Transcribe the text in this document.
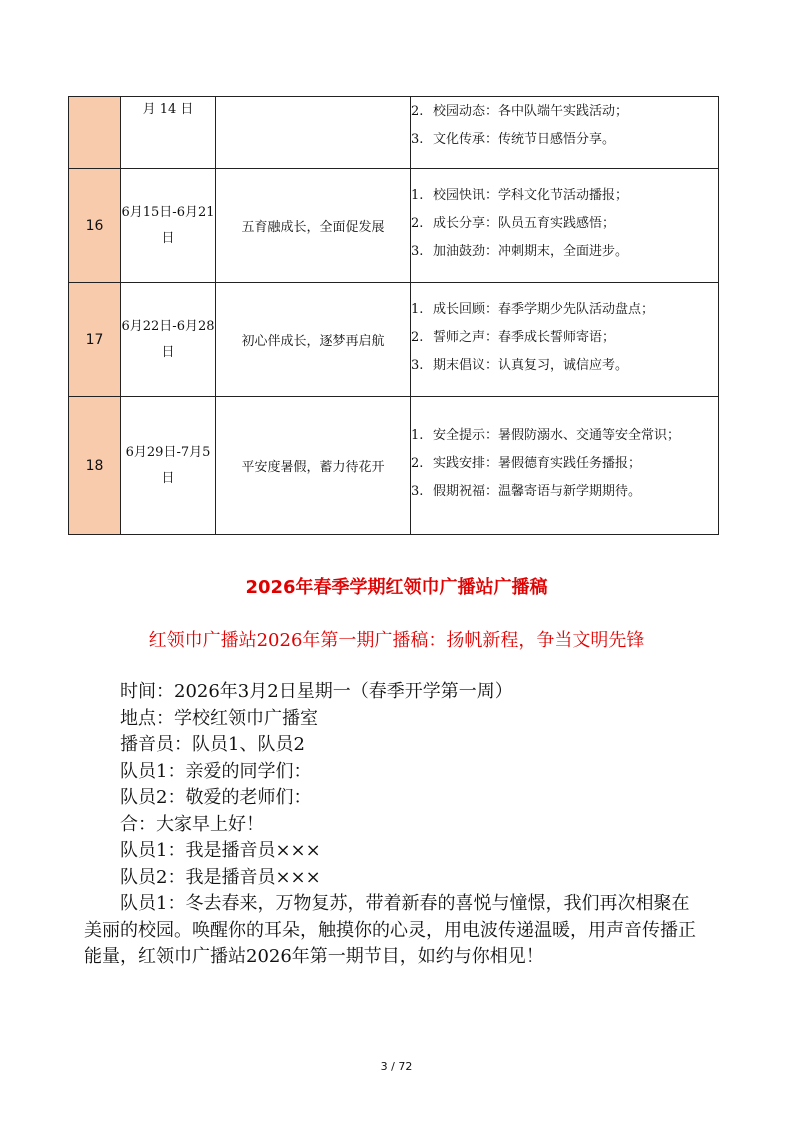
	月 14 日		2. 校园动态：各中队端午实践活动；
3. 文化传承：传统节日感悟分享。

16	6月15日-6月21日	五育融成长，全面促发展	1. 校园快讯：学科文化节活动播报；
2. 成长分享：队员五育实践感悟；
3. 加油鼓劲：冲刺期末，全面进步。

17	6月22日-6月28日	初心伴成长，逐梦再启航	1. 成长回顾：春季学期少先队活动盘点；
2. 誓师之声：春季成长誓师寄语；
3. 期末倡议：认真复习，诚信应考。

18	6月29日-7月5日	平安度暑假，蓄力待花开	1. 安全提示：暑假防溺水、交通等安全常识；
2. 实践安排：暑假德育实践任务播报；
3. 假期祝福：温馨寄语与新学期期待。
2026年春季学期红领巾广播站广播稿
红领巾广播站2026年第一期广播稿：扬帆新程，争当文明先锋

时间：2026年3月2日星期一（春季开学第一周）

地点：学校红领巾广播室

播音员：队员1、队员2

队员1：亲爱的同学们：

队员2：敬爱的老师们：

合：大家早上好！

队员1：我是播音员×××

队员2：我是播音员×××

队员1：冬去春来，万物复苏，带着新春的喜悦与憧憬，我们再次相聚在美丽的校园。唤醒你的耳朵，触摸你的心灵，用电波传递温暖，用声音传播正能量，红领巾广播站2026年第一期节目，如约与你相见！

3 / 72
